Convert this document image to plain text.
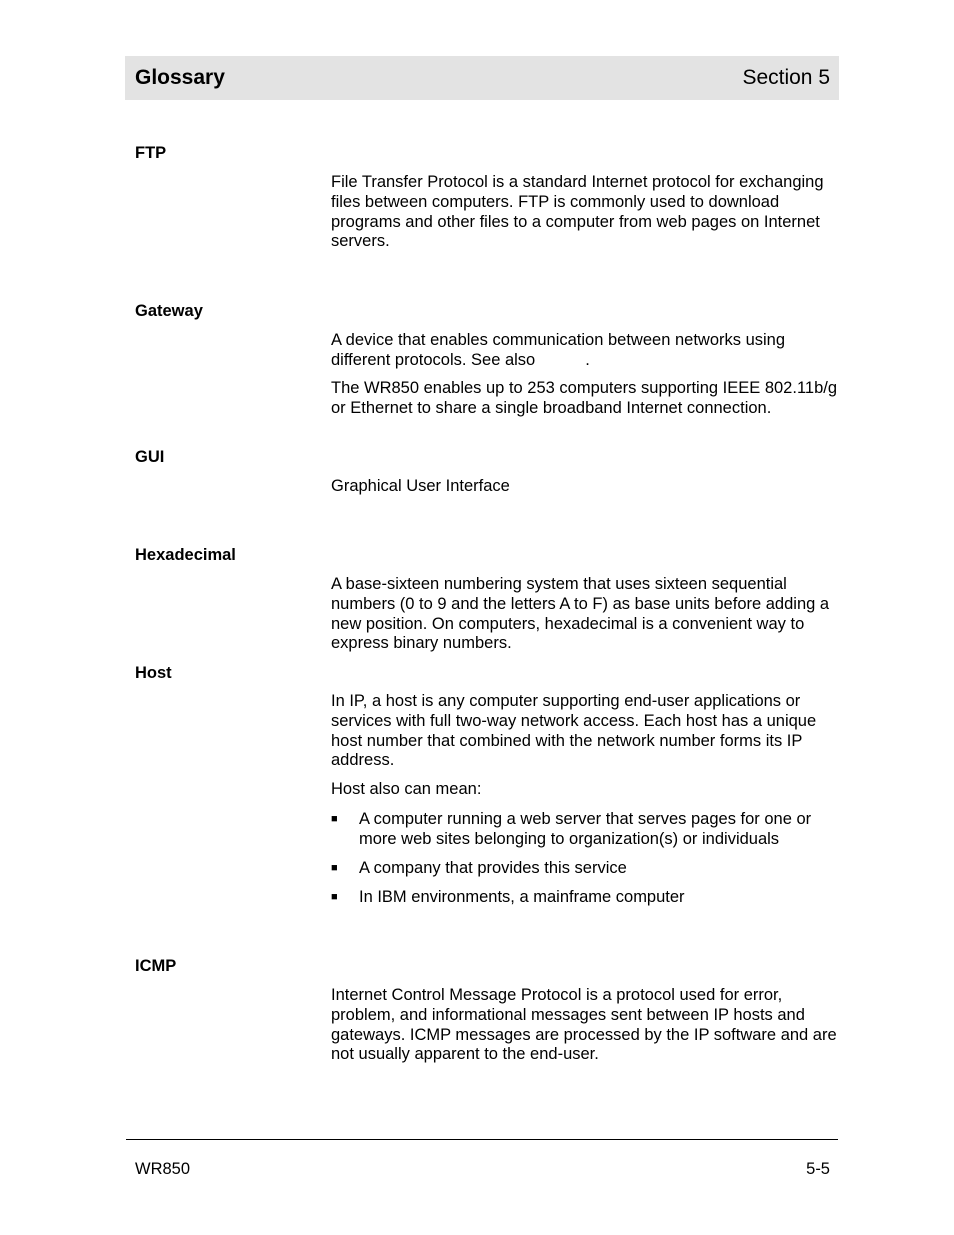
Glossary	Section 5
FTP

File Transfer Protocol is a standard Internet protocol for exchanging files between computers. FTP is commonly used to download programs and other files to a computer from web pages on Internet servers.

Gateway

A device that enables communication between networks using different protocols. See also	.

The WR850 enables up to 253 computers supporting IEEE 802.11b/g or Ethernet to share a single broadband Internet connection.

GUI

Graphical User Interface

Hexadecimal

A base-sixteen numbering system that uses sixteen sequential numbers (0 to 9 and the letters A to F) as base units before adding a new position. On computers, hexadecimal is a convenient way to express binary numbers.

Host

In IP, a host is any computer supporting end-user applications or services with full two-way network access. Each host has a unique host number that combined with the network number forms its IP address.

Host also can mean:

■ A computer running a web server that serves pages for one or more web sites belonging to organization(s) or individuals
■ A company that provides this service
■ In IBM environments, a mainframe computer
ICMP

Internet Control Message Protocol is a protocol used for error, problem, and informational messages sent between IP hosts and gateways. ICMP messages are processed by the IP software and are not usually apparent to the end-user.

WR850	5-5
